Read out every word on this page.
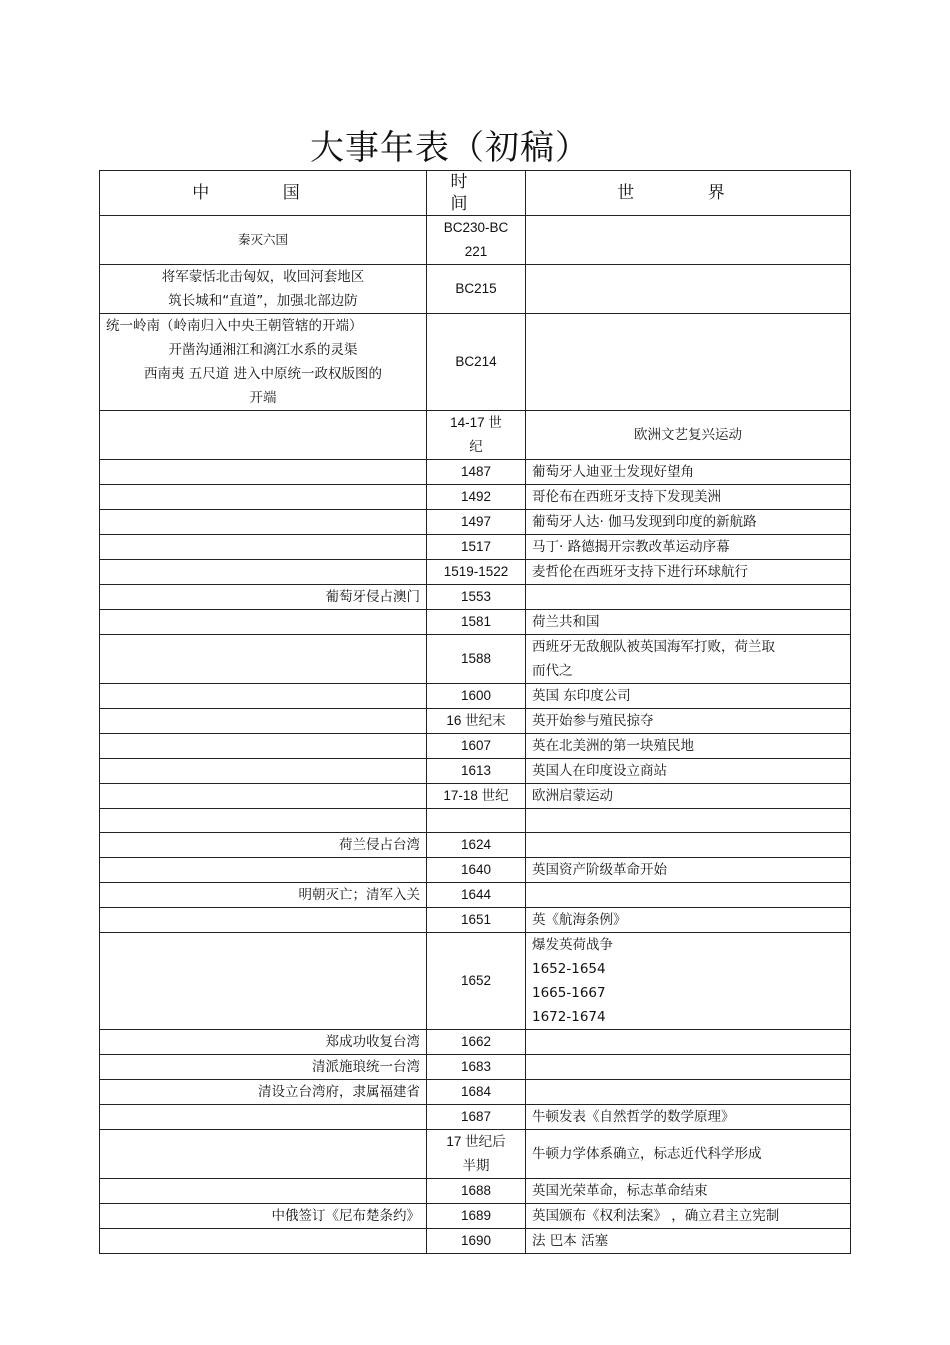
大事年表（初稿）
中 国	时 间	世 界

秦灭六国	BC230-BC
221	

将军蒙恬北击匈奴，收回河套地区
筑长城和“直道”，加强北部边防	BC215	

统一岭南（岭南归入中央王朝管辖的开端）
开凿沟通湘江和漓江水系的灵渠
西南夷 五尺道 进入中原统一政权版图的
开端	BC214	

	14-17 世
纪	欧洲文艺复兴运动

	1487	葡萄牙人迪亚士发现好望角

	1492	哥伦布在西班牙支持下发现美洲

	1497	葡萄牙人达· 伽马发现到印度的新航路

	1517	马丁· 路德揭开宗教改革运动序幕

	1519-1522	麦哲伦在西班牙支持下进行环球航行

葡萄牙侵占澳门	1553	

	1581	荷兰共和国

	1588	西班牙无敌舰队被英国海军打败，荷兰取
而代之

	1600	英国 东印度公司

	16 世纪末	英开始参与殖民掠夺

	1607	英在北美洲的第一块殖民地

	1613	英国人在印度设立商站

	17-18 世纪	欧洲启蒙运动

荷兰侵占台湾	1624	

	1640	英国资产阶级革命开始

明朝灭亡；清军入关	1644	

	1651	英《航海条例》

	1652	爆发英荷战争
1652-1654
1665-1667
1672-1674

郑成功收复台湾	1662	

清派施琅统一台湾	1683	

清设立台湾府，隶属福建省	1684	

	1687	牛顿发表《自然哲学的数学原理》

	17 世纪后
半期	牛顿力学体系确立，标志近代科学形成

	1688	英国光荣革命，标志革命结束

中俄签订《尼布楚条约》	1689	英国颁布《权利法案》 ，确立君主立宪制

	1690	法 巴本 活塞
